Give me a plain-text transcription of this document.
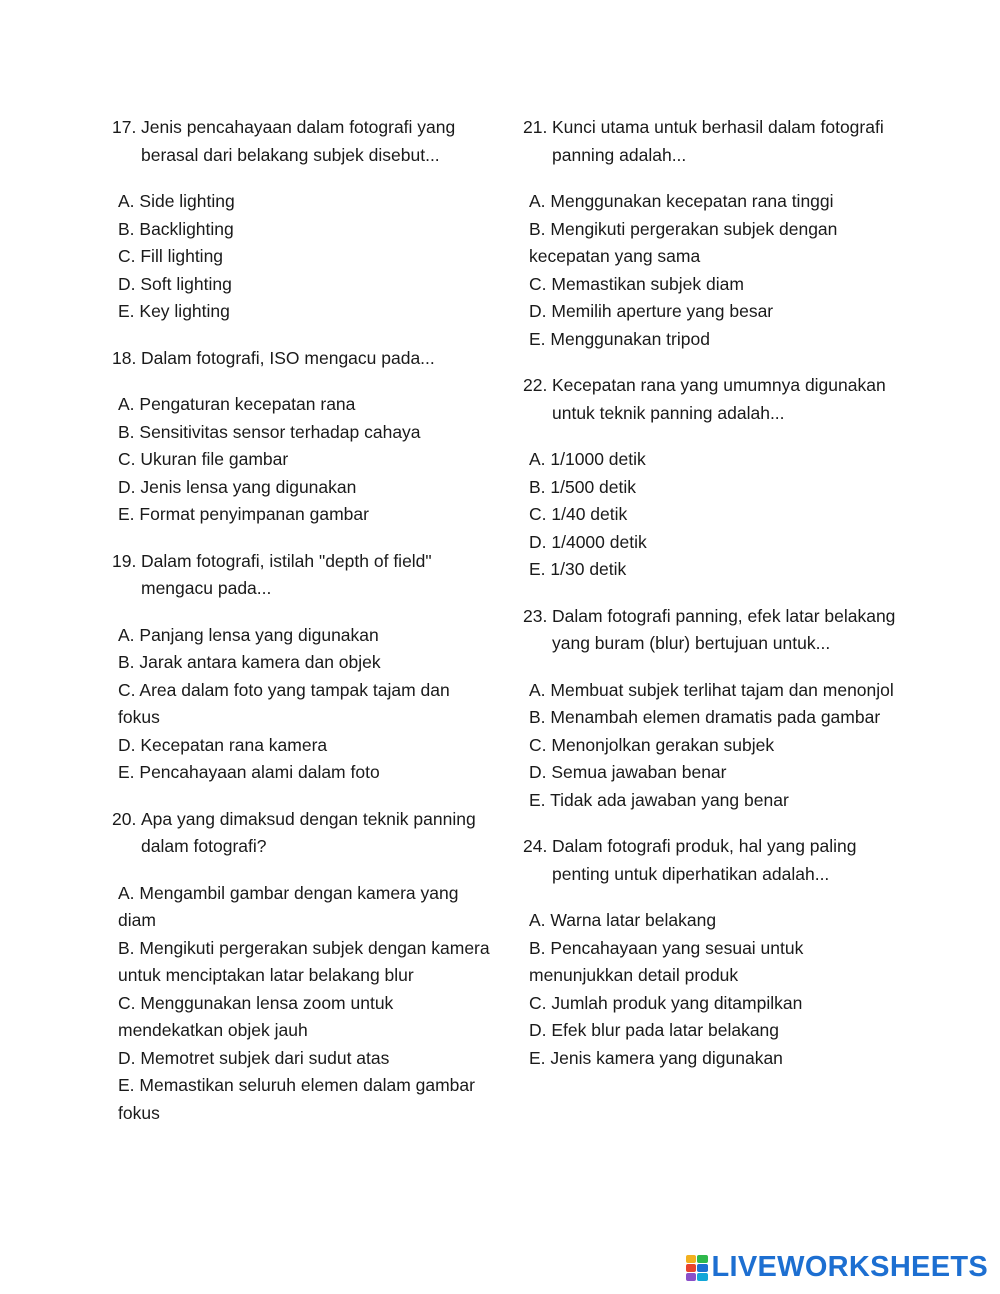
17. Jenis pencahayaan dalam fotografi yang berasal dari belakang subjek disebut...
A. Side lighting
B. Backlighting
C. Fill lighting
D. Soft lighting
E. Key lighting
18. Dalam fotografi, ISO mengacu pada...
A. Pengaturan kecepatan rana
B. Sensitivitas sensor terhadap cahaya
C. Ukuran file gambar
D. Jenis lensa yang digunakan
E. Format penyimpanan gambar
19. Dalam fotografi, istilah "depth of field" mengacu pada...
A. Panjang lensa yang digunakan
B. Jarak antara kamera dan objek
C. Area dalam foto yang tampak tajam dan fokus
D. Kecepatan rana kamera
E. Pencahayaan alami dalam foto
20. Apa yang dimaksud dengan teknik panning dalam fotografi?
A. Mengambil gambar dengan kamera yang diam
B. Mengikuti pergerakan subjek dengan kamera untuk menciptakan latar belakang blur
C. Menggunakan lensa zoom untuk mendekatkan objek jauh
D. Memotret subjek dari sudut atas
E. Memastikan seluruh elemen dalam gambar fokus
21. Kunci utama untuk berhasil dalam fotografi panning adalah...
A. Menggunakan kecepatan rana tinggi
B. Mengikuti pergerakan subjek dengan kecepatan yang sama
C. Memastikan subjek diam
D. Memilih aperture yang besar
E. Menggunakan tripod
22. Kecepatan rana yang umumnya digunakan untuk teknik panning adalah...
A. 1/1000 detik
B. 1/500 detik
C. 1/40 detik
D. 1/4000 detik
E. 1/30 detik
23. Dalam fotografi panning, efek latar belakang yang buram (blur) bertujuan untuk...
A. Membuat subjek terlihat tajam dan menonjol
B. Menambah elemen dramatis pada gambar
C. Menonjolkan gerakan subjek
D. Semua jawaban benar
E. Tidak ada jawaban yang benar
24. Dalam fotografi produk, hal yang paling penting untuk diperhatikan adalah...
A. Warna latar belakang
B. Pencahayaan yang sesuai untuk menunjukkan detail produk
C. Jumlah produk yang ditampilkan
D. Efek blur pada latar belakang
E. Jenis kamera yang digunakan
LIVEWORKSHEETS
